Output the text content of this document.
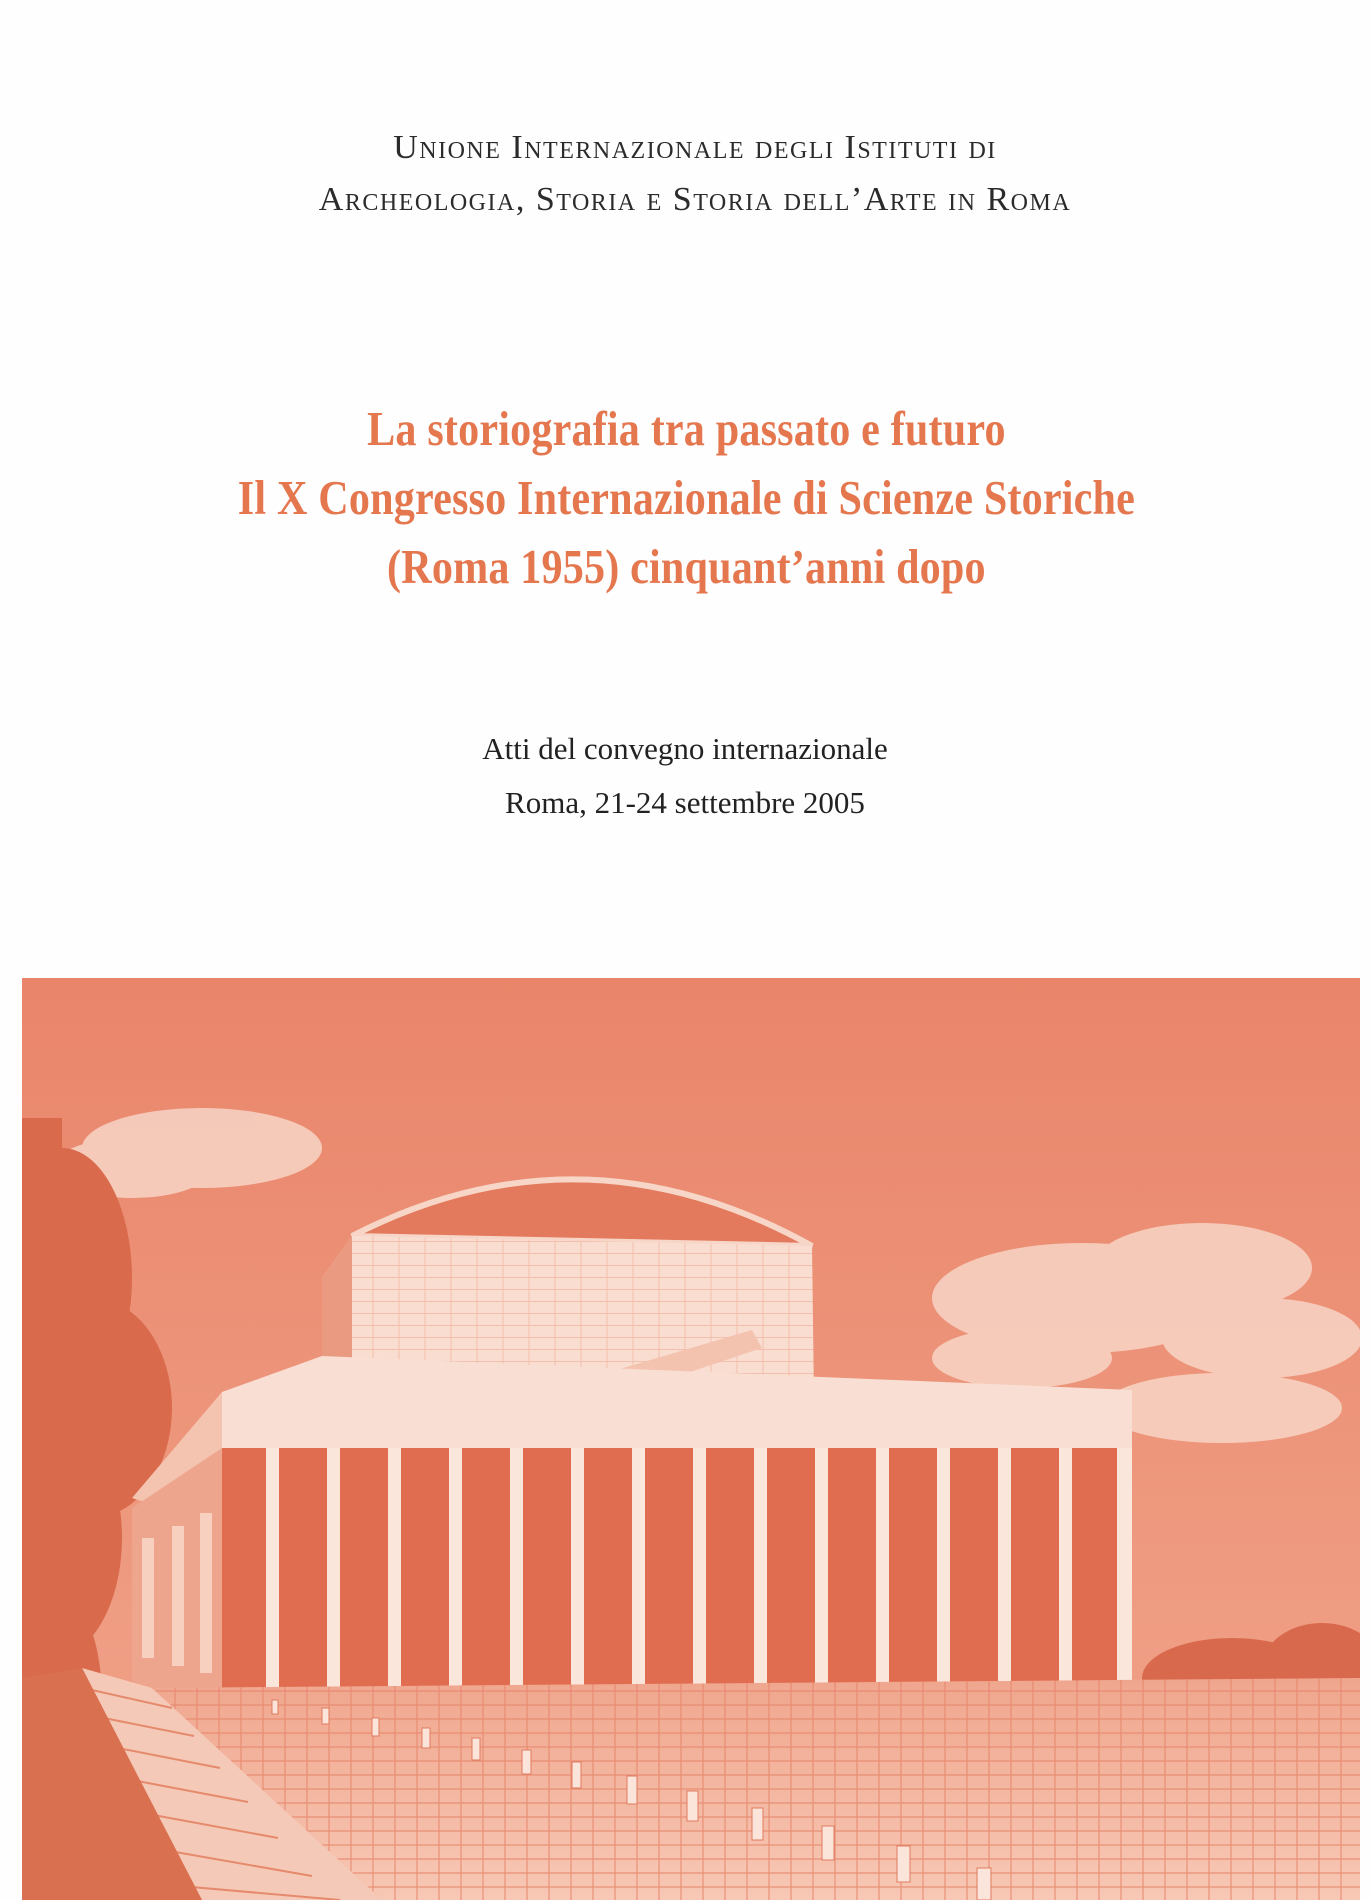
Unione Internazionale degli Istituti di
Archeologia, Storia e Storia dell’Arte in Roma
La storiografia tra passato e futuro
Il X Congresso Internazionale di Scienze Storiche
(Roma 1955) cinquant’anni dopo
Atti del convegno internazionale
Roma, 21-24 settembre 2005
